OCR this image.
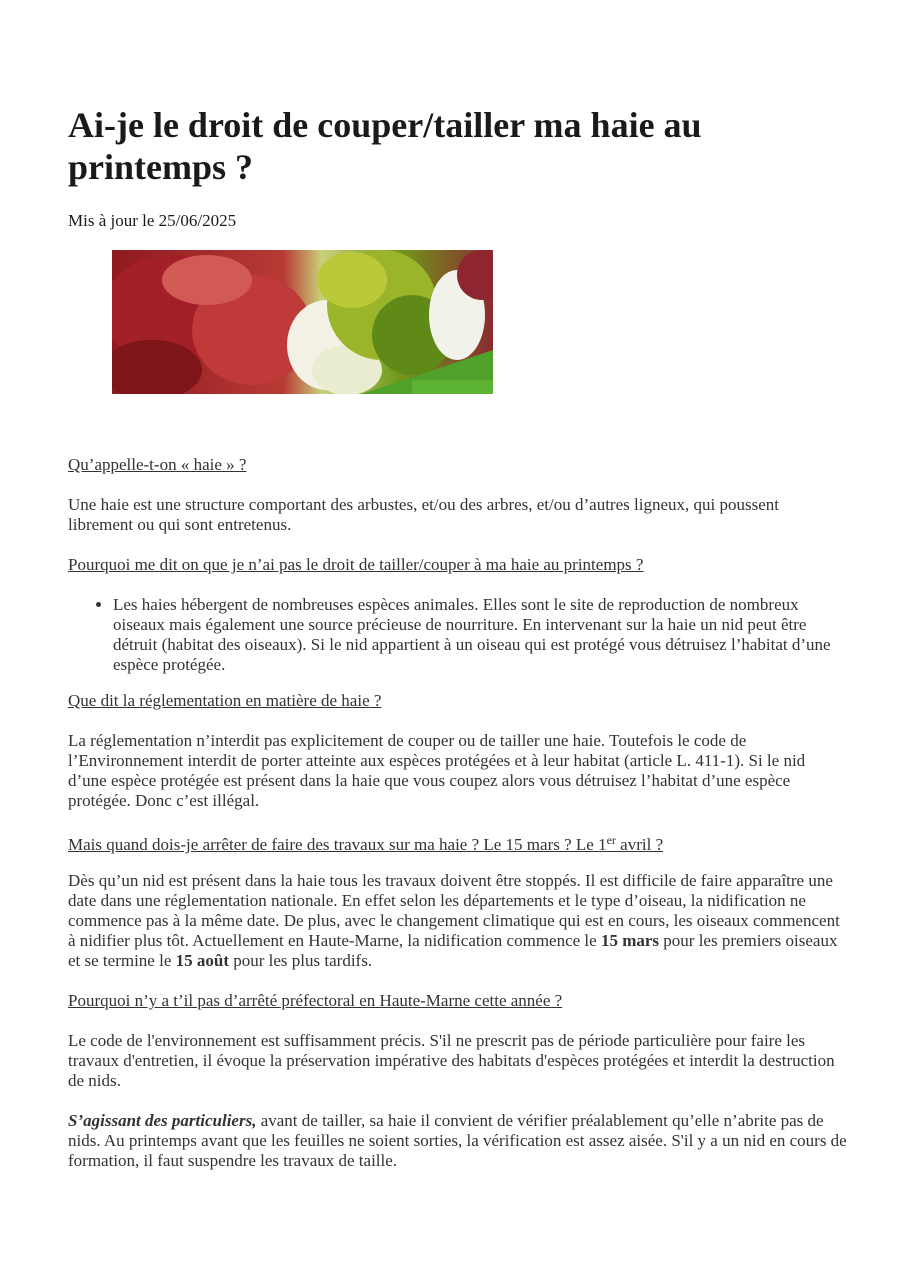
Ai-je le droit de couper/tailler ma haie au printemps ?

Mis à jour le 25/06/2025

Qu’appelle-t-on « haie » ?

Une haie est une structure comportant des arbustes, et/ou des arbres, et/ou d’autres ligneux, qui poussent librement ou qui sont entretenus.

Pourquoi me dit on que je n’ai pas le droit de tailler/couper à ma haie au printemps ?

• Les haies hébergent de nombreuses espèces animales. Elles sont le site de reproduction de nombreux oiseaux mais également une source précieuse de nourriture. En intervenant sur la haie un nid peut être détruit (habitat des oiseaux). Si le nid appartient à un oiseau qui est protégé vous détruisez l’habitat d’une espèce protégée.

Que dit la réglementation en matière de haie ?

La réglementation n’interdit pas explicitement de couper ou de tailler une haie. Toutefois le code de l’Environnement interdit de porter atteinte aux espèces protégées et à leur habitat (article L. 411-1). Si le nid d’une espèce protégée est présent dans la haie que vous coupez alors vous détruisez l’habitat d’une espèce protégée. Donc c’est illégal.

Mais quand dois-je arrêter de faire des travaux sur ma haie ? Le 15 mars ? Le 1er avril ?

Dès qu’un nid est présent dans la haie tous les travaux doivent être stoppés. Il est difficile de faire apparaître une date dans une réglementation nationale. En effet selon les départements et le type d’oiseau, la nidification ne commence pas à la même date. De plus, avec le changement climatique qui est en cours, les oiseaux commencent à nidifier plus tôt. Actuellement en Haute-Marne, la nidification commence le 15 mars pour les premiers oiseaux et se termine le 15 août pour les plus tardifs.

Pourquoi n’y a t’il pas d’arrêté préfectoral en Haute-Marne cette année ?

Le code de l'environnement est suffisamment précis. S'il ne prescrit pas de période particulière pour faire les travaux d'entretien, il évoque la préservation impérative des habitats d'espèces protégées et interdit la destruction de nids.

S’agissant des particuliers, avant de tailler, sa haie il convient de vérifier préalablement qu’elle n’abrite pas de nids. Au printemps avant que les feuilles ne soient sorties, la vérification est assez aisée. S'il y a un nid en cours de formation, il faut suspendre les travaux de taille.
